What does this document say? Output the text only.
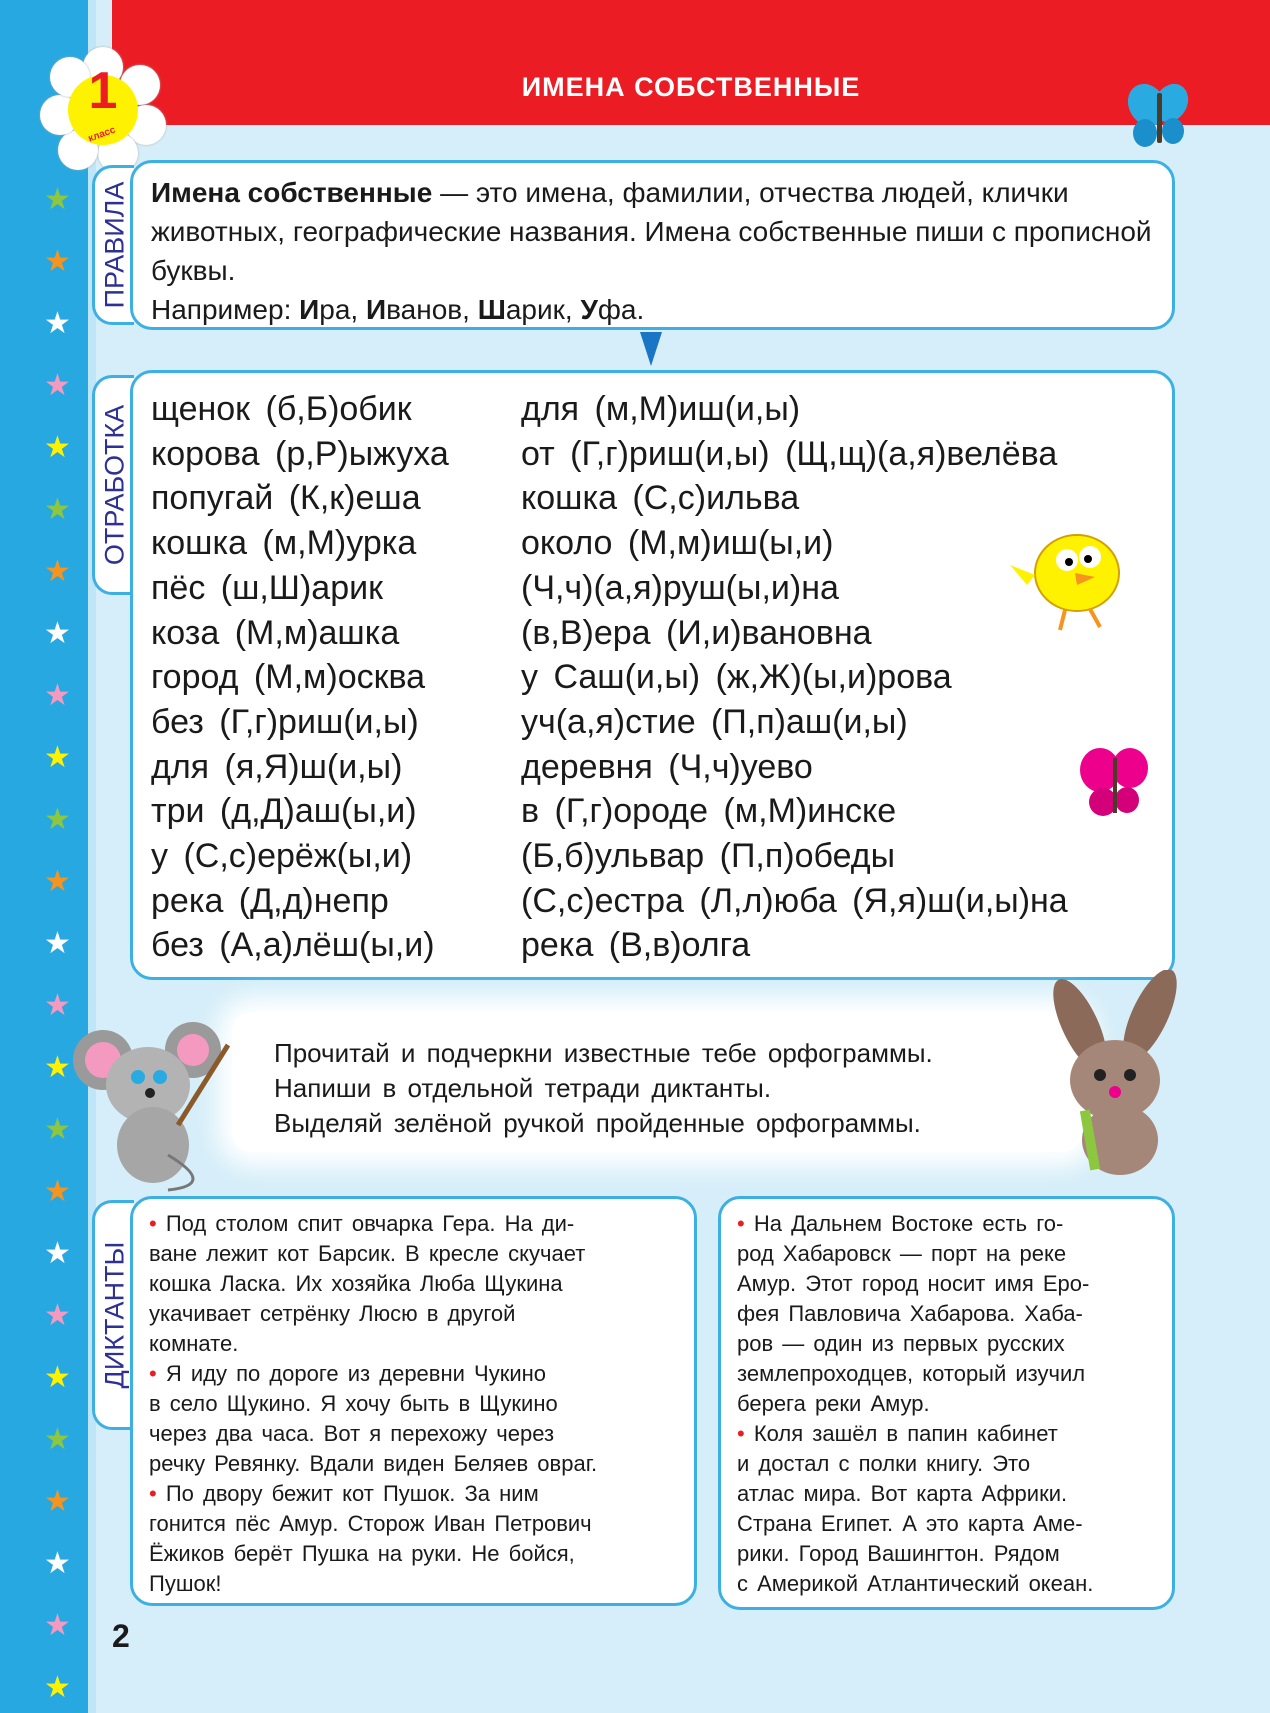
★
★
★
★
★
★
★
★
★
★
★
★
★
★
★
★
★
★
★
★
★
★
★
★
★
ИМЕНА СОБСТВЕННЫЕ
1
класс
ПРАВИЛА Имена собственные — это имена, фамилии, отчества людей, клички животных, географические названия. Имена собственные пиши с прописной буквы.
Например: Ира, Иванов, Шарик, Уфа.
ОТРАБОТКА щенок (б,Б)обик
корова (р,Р)ыжуха
попугай (К,к)еша
кошка (м,М)урка
пёс (ш,Ш)арик
коза (М,м)ашка
город (М,м)осква
без (Г,г)риш(и,ы)
для (я,Я)ш(и,ы)
три (д,Д)аш(ы,и)
у (С,с)ерёж(ы,и)
река (Д,д)непр
без (А,а)лёш(ы,и)
для (м,М)иш(и,ы)
от (Г,г)риш(и,ы) (Щ,щ)(а,я)велёва
кошка (С,с)ильва
около (М,м)иш(ы,и)
(Ч,ч)(а,я)руш(ы,и)на
(в,В)ера (И,и)вановна
у Саш(и,ы) (ж,Ж)(ы,и)рова
уч(а,я)стие (П,п)аш(и,ы)
деревня (Ч,ч)уево
в (Г,г)ороде (м,М)инске
(Б,б)ульвар (П,п)обеды
(С,с)естра (Л,л)юба (Я,я)ш(и,ы)на
река (В,в)олга
Прочитай и подчеркни известные тебе орфограммы.
Напиши в отдельной тетради диктанты.
Выделяй зелёной ручкой пройденные орфограммы.
ДИКТАНТЫ
• Под столом спит овчарка Гера. На ди-
ване лежит кот Барсик. В кресле скучает
кошка Ласка. Их хозяйка Люба Щукина
укачивает сетрёнку Люсю в другой
комнате.
• Я иду по дороге из деревни Чукино
в село Щукино. Я хочу быть в Щукино
через два часа. Вот я перехожу через
речку Ревянку. Вдали виден Беляев овраг.
• По двору бежит кот Пушок. За ним
гонится пёс Амур. Сторож Иван Петрович
Ёжиков берёт Пушка на руки. Не бойся,
Пушок!
• На Дальнем Востоке есть го-
род Хабаровск — порт на реке
Амур. Этот город носит имя Еро-
фея Павловича Хабарова. Хаба-
ров — один из первых русских
землепроходцев, который изучил
берега реки Амур.
• Коля зашёл в папин кабинет
и достал с полки книгу. Это
атлас мира. Вот карта Африки.
Страна Египет. А это карта Аме-
рики. Город Вашингтон. Рядом
с Америкой Атлантический океан.
2
